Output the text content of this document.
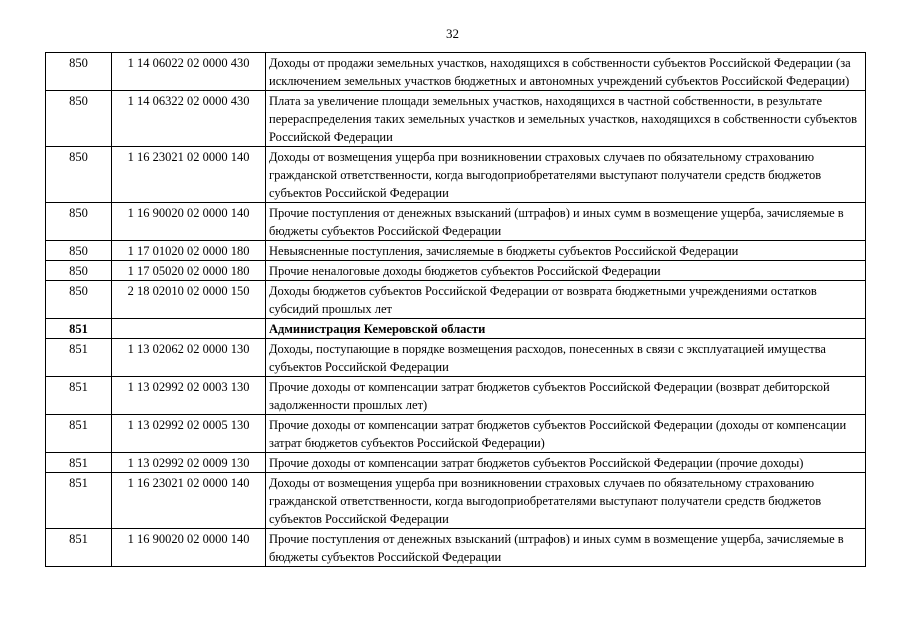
32
850	1 14 06022 02 0000 430	Доходы от продажи земельных участков, находящихся в собственности субъектов Российской Федерации (за исключением земельных участков бюджетных и автономных учреждений субъектов Российской Федерации)
850	1 14 06322 02 0000 430	Плата за увеличение площади земельных участков, находящихся в частной собственности, в результате перераспределения таких земельных участков и земельных участков, находящихся в собственности субъектов Российской Федерации
850	1 16 23021 02 0000 140	Доходы от возмещения ущерба при возникновении страховых случаев по обязательному страхованию гражданской ответственности, когда выгодоприобретателями выступают получатели средств бюджетов субъектов Российской Федерации
850	1 16 90020 02 0000 140	Прочие поступления от денежных взысканий (штрафов) и иных сумм в возмещение ущерба, зачисляемые в бюджеты субъектов Российской Федерации
850	1 17 01020 02 0000 180	Невыясненные поступления, зачисляемые в бюджеты субъектов Российской Федерации
850	1 17 05020 02 0000 180	Прочие неналоговые доходы бюджетов субъектов Российской Федерации
850	2 18 02010 02 0000 150	Доходы бюджетов субъектов Российской Федерации от возврата бюджетными учреждениями остатков субсидий прошлых лет
851		Администрация Кемеровской области
851	1 13 02062 02 0000 130	Доходы, поступающие в порядке возмещения расходов, понесенных в связи с эксплуатацией имущества субъектов Российской Федерации
851	1 13 02992 02 0003 130	Прочие доходы от компенсации затрат бюджетов субъектов Российской Федерации (возврат дебиторской задолженности прошлых лет)
851	1 13 02992 02 0005 130	Прочие доходы от компенсации затрат бюджетов субъектов Российской Федерации (доходы от компенсации затрат бюджетов субъектов Российской Федерации)
851	1 13 02992 02 0009 130	Прочие доходы от компенсации затрат бюджетов субъектов Российской Федерации (прочие доходы)
851	1 16 23021 02 0000 140	Доходы от возмещения ущерба при возникновении страховых случаев по обязательному страхованию гражданской ответственности, когда выгодоприобретателями выступают получатели средств бюджетов субъектов Российской Федерации
851	1 16 90020 02 0000 140	Прочие поступления от денежных взысканий (штрафов) и иных сумм в возмещение ущерба, зачисляемые в бюджеты субъектов Российской Федерации
